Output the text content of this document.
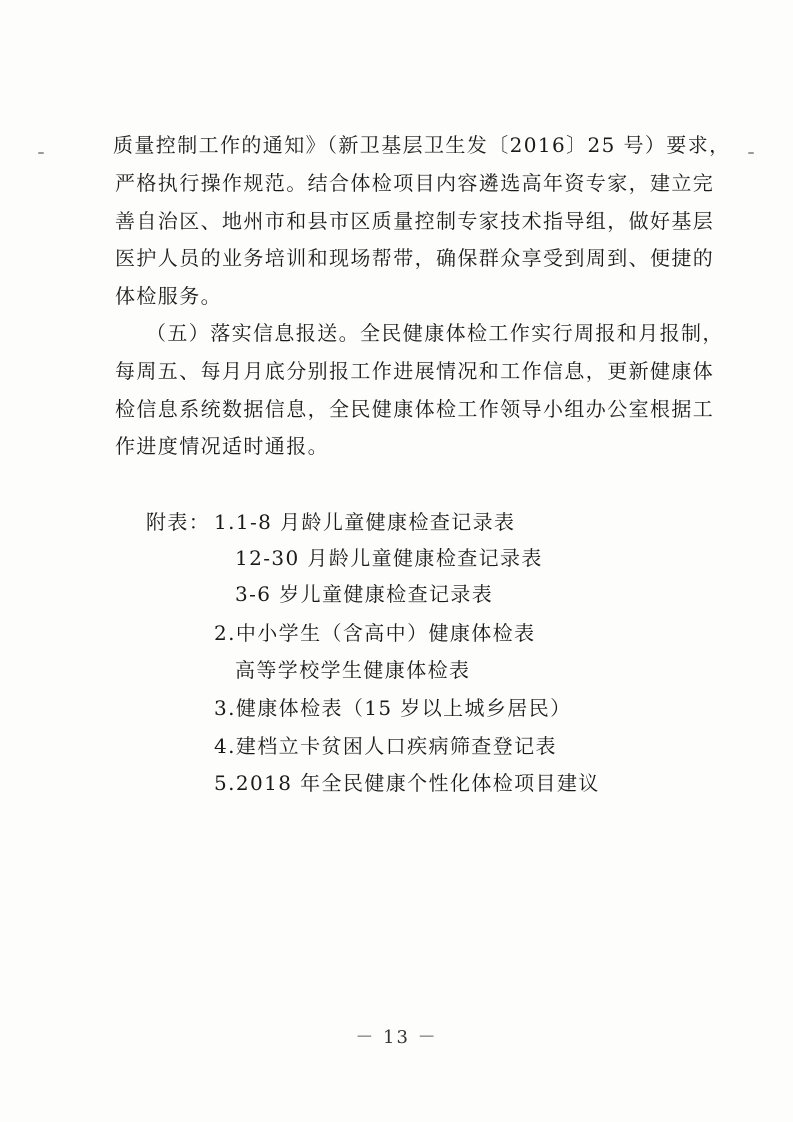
质量控制工作的通知》（新卫基层卫生发〔2016〕25 号）要求，
严格执行操作规范。结合体检项目内容遴选高年资专家，建立完
善自治区、地州市和县市区质量控制专家技术指导组，做好基层
医护人员的业务培训和现场帮带，确保群众享受到周到、便捷的
体检服务。
（五）落实信息报送。全民健康体检工作实行周报和月报制，
每周五、每月月底分别报工作进展情况和工作信息，更新健康体
检信息系统数据信息，全民健康体检工作领导小组办公室根据工
作进度情况适时通报。
附表： 1.1-8 月龄儿童健康检查记录表
12-30 月龄儿童健康检查记录表
3-6 岁儿童健康检查记录表
2.中小学生（含高中）健康体检表
高等学校学生健康体检表
3.健康体检表（15 岁以上城乡居民）
4.建档立卡贫困人口疾病筛查登记表
5.2018 年全民健康个性化体检项目建议
－ 13 －
